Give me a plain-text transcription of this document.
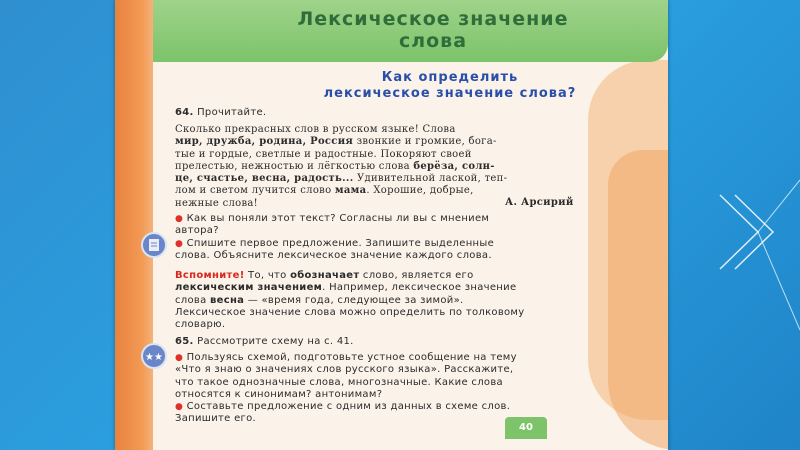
Лексическое значение
слова
★★
40
Как определить
лексическое значение слова?
64. Прочитайте.
Сколько прекрасных слов в русском языке! Слова
мир, дружба, родина, Россия звонкие и громкие, бога-
тые и гордые, светлые и радостные. Покоряют своей
прелестью, нежностью и лёгкостью слова берёза, солн-
це, счастье, весна, радость... Удивительной лаской, теп-
лом и светом лучится слово мама. Хорошие, добрые,
нежные слова!	А. Арсирий
● Как вы поняли этот текст? Согласны ли вы с мнением
автора?
● Спишите первое предложение. Запишите выделенные
слова. Объясните лексическое значение каждого слова.
Вспомните! То, что обозначает слово, является его
лексическим значением. Например, лексическое значение
слова весна — «время года, следующее за зимой».
Лексическое значение слова можно определить по толковому
словарю.
65. Рассмотрите схему на с. 41.
● Пользуясь схемой, подготовьте устное сообщение на тему
«Что я знаю о значениях слов русского языка». Расскажите,
что такое однозначные слова, многозначные. Какие слова
относятся к синонимам? антонимам?
● Составьте предложение с одним из данных в схеме слов.
Запишите его.
